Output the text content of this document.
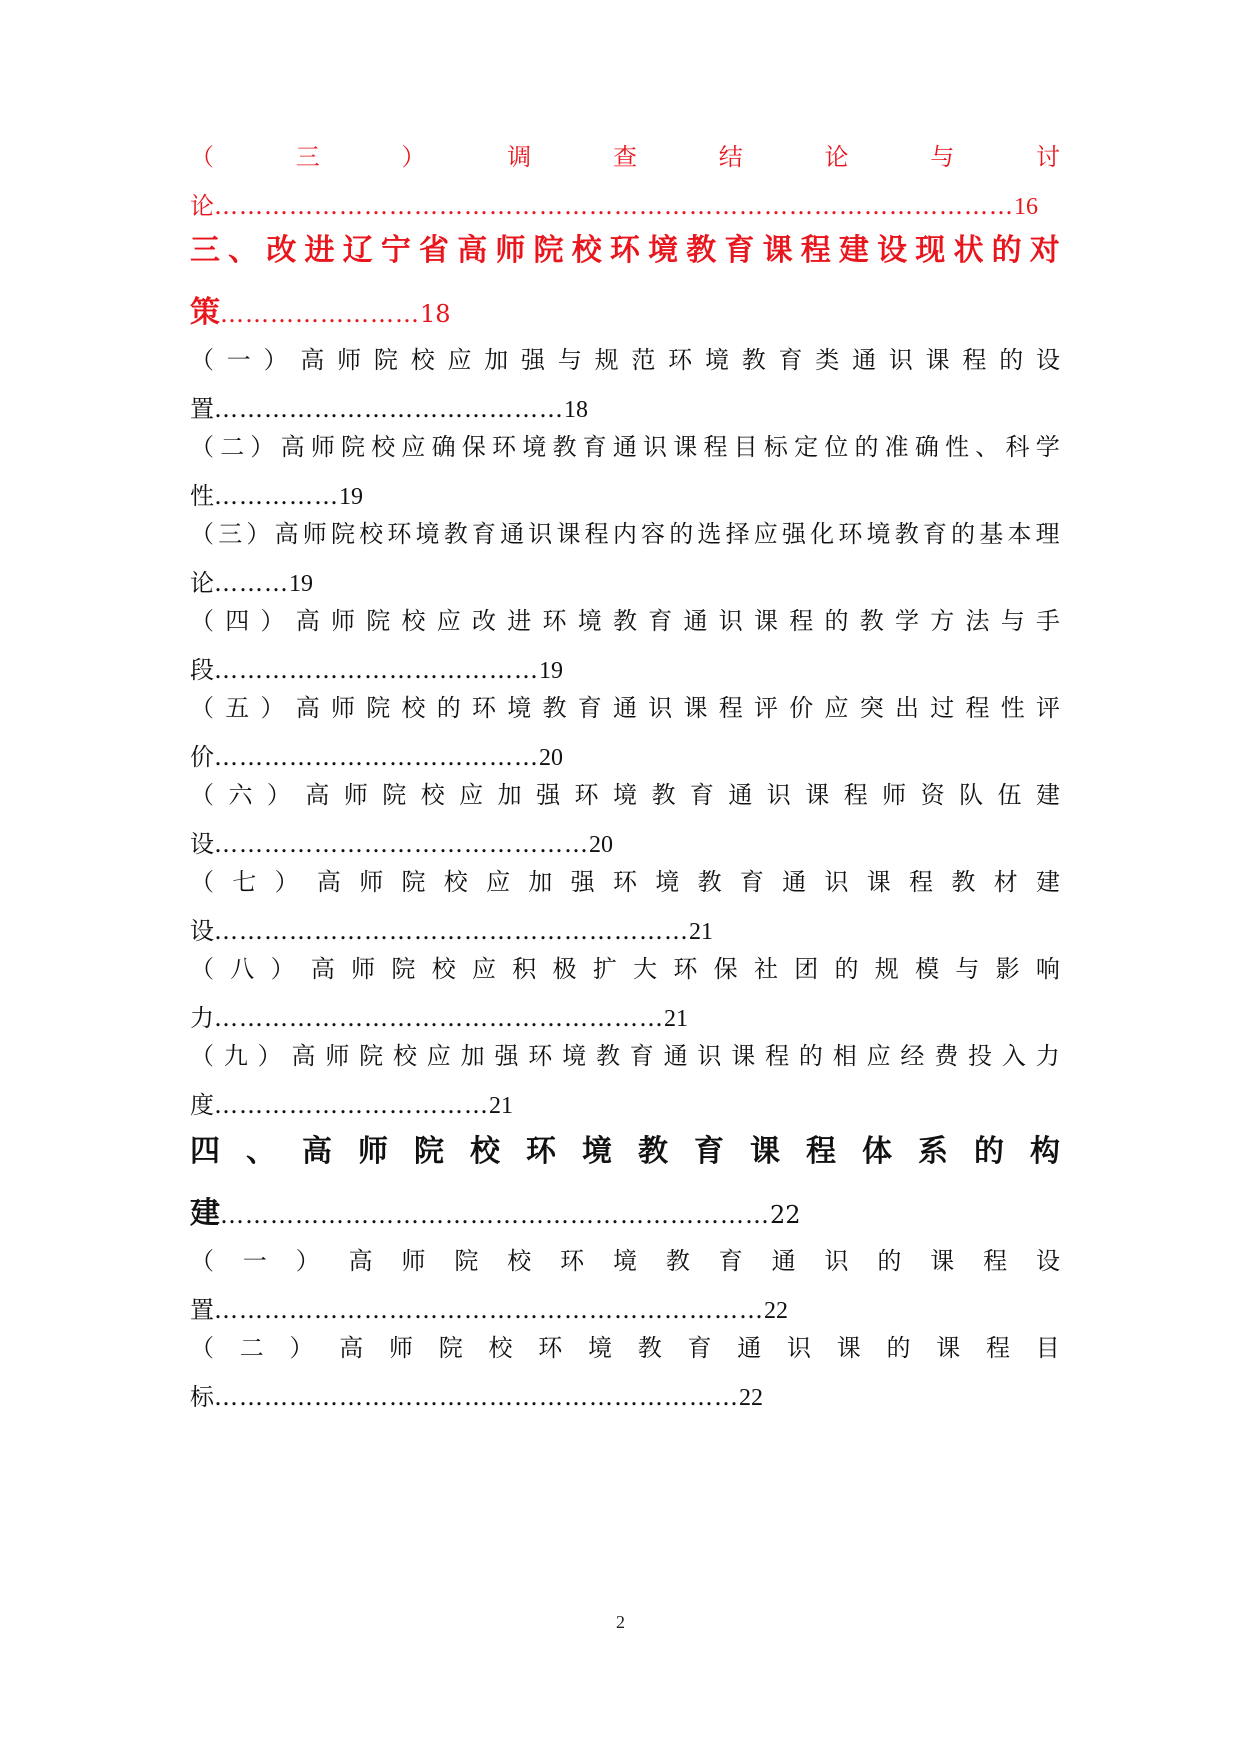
（	三	）	调	查	结	论	与	讨
论……………………………………………………………………………………16
三 、 改 进 辽 宁 省 高 师 院 校 环 境 教 育 课 程 建 设 现 状 的 对
策……………………18
（ 一 ） 高 师 院 校 应 加 强 与 规 范 环 境 教 育 类 通 识 课 程 的 设
置……………………………………18
（ 二 ） 高 师 院 校 应 确 保 环 境 教 育 通 识 课 程 目 标 定 位 的 准 确 性 、 科 学
性……………19
（ 三 ） 高 师 院 校 环 境 教 育 通 识 课 程 内 容 的 选 择 应 强 化 环 境 教 育 的 基 本 理
论………19
（ 四 ） 高 师 院 校 应 改 进 环 境 教 育 通 识 课 程 的 教 学 方 法 与 手
段…………………………………19
（ 五 ） 高 师 院 校 的 环 境 教 育 通 识 课 程 评 价 应 突 出 过 程 性 评
价…………………………………20
（ 六 ） 高 师 院 校 应 加 强 环 境 教 育 通 识 课 程 师 资 队 伍 建
设………………………………………20
（ 七 ） 高 师 院 校 应 加 强 环 境 教 育 通 识 课 程 教 材 建
设…………………………………………………21
（ 八 ） 高 师 院 校 应 积 极 扩 大 环 保 社 团 的 规 模 与 影 响
力………………………………………………21
（ 九 ） 高 师 院 校 应 加 强 环 境 教 育 通 识 课 程 的 相 应 经 费 投 入 力
度……………………………21
四 、 高 师 院 校 环 境 教 育 课 程 体 系 的 构
建…………………………………………………………22
（ 一 ） 高 师 院 校 环 境 教 育 通 识 的 课 程 设
置…………………………………………………………22
（ 二 ） 高 师 院 校 环 境 教 育 通 识 课 的 课 程 目
标………………………………………………………22
2
